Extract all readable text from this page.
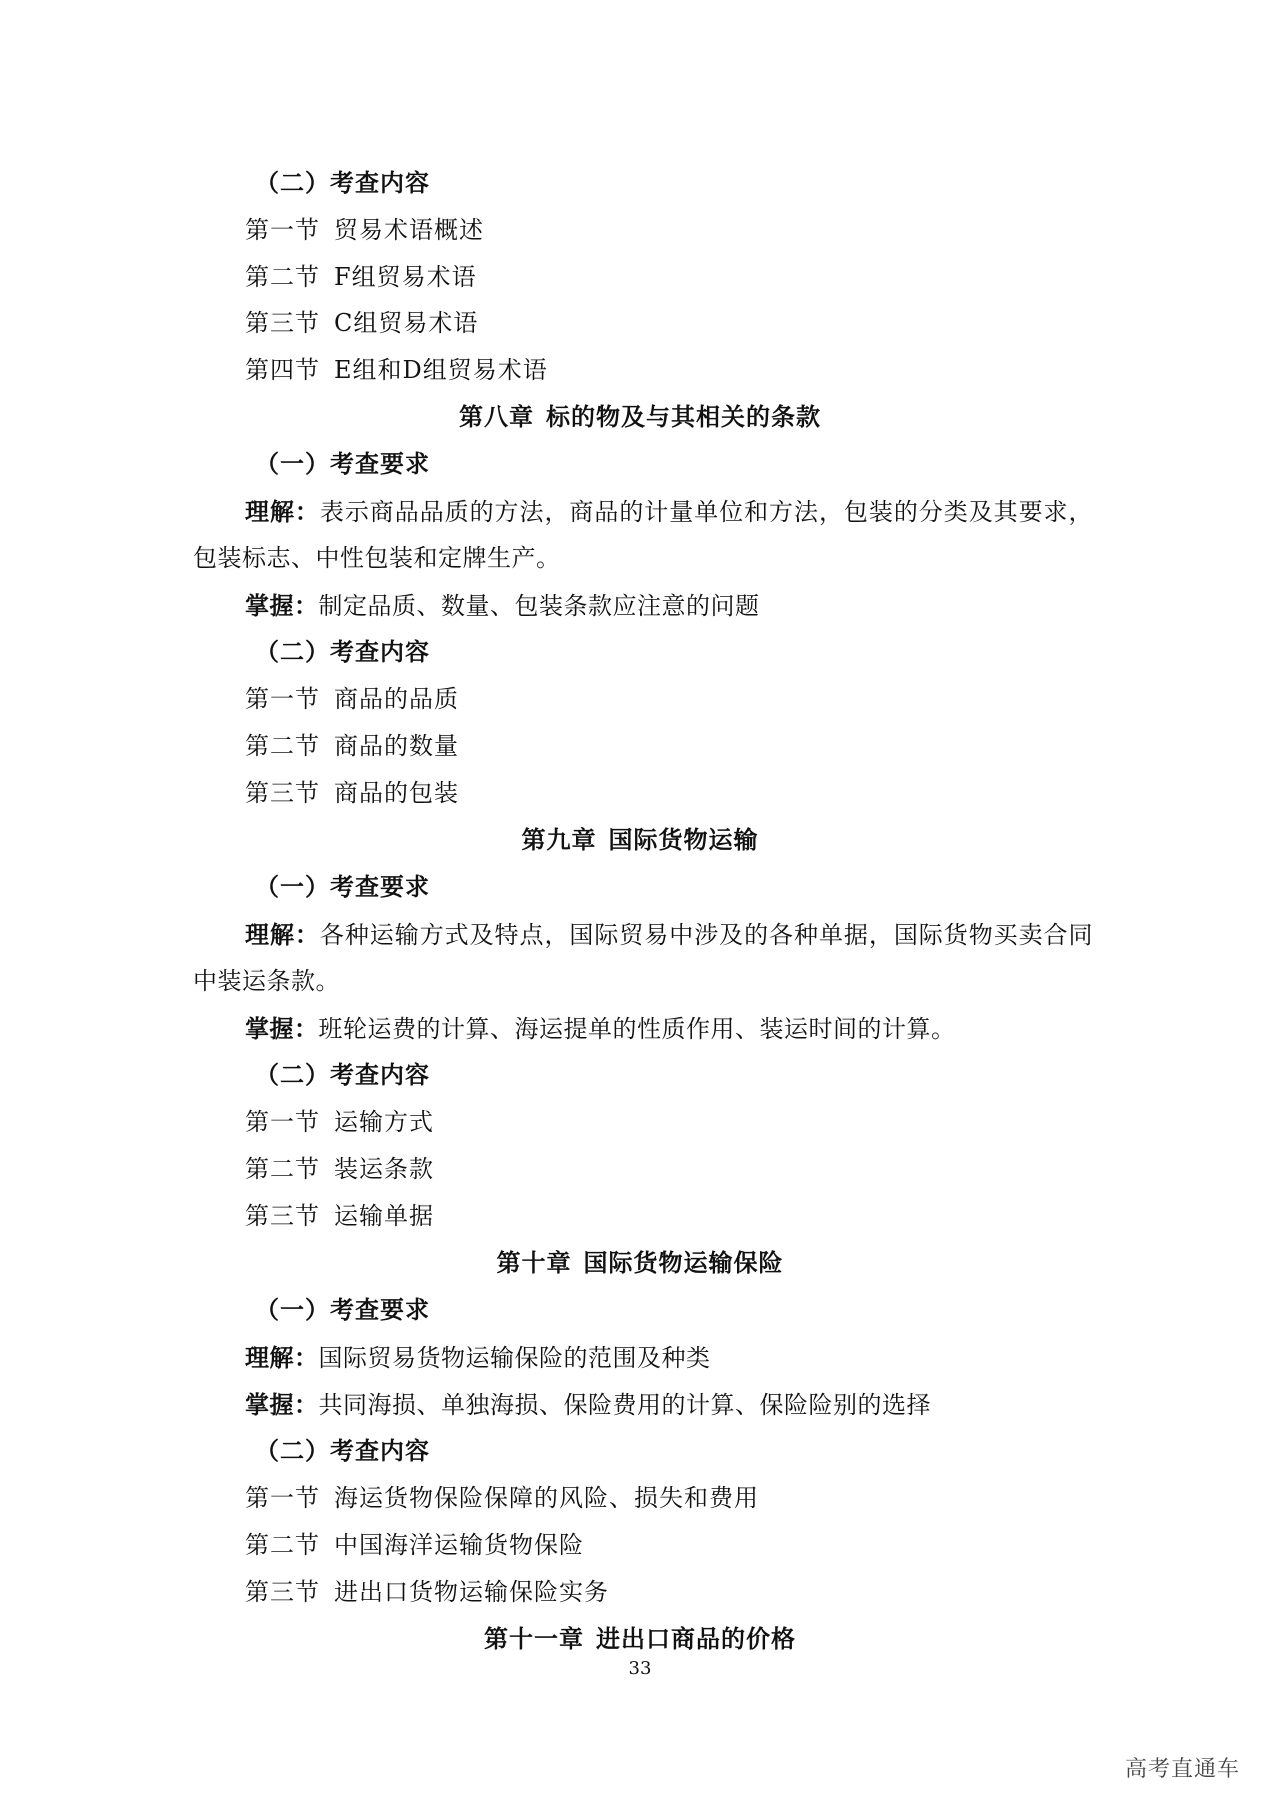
（二）考查内容
第一节 贸易术语概述
第二节 F组贸易术语
第三节 C组贸易术语
第四节 E组和D组贸易术语
第八章 标的物及与其相关的条款
（一）考查要求
理解：表示商品品质的方法，商品的计量单位和方法，包装的分类及其要求，包装标志、中性包装和定牌生产。
掌握：制定品质、数量、包装条款应注意的问题
（二）考查内容
第一节 商品的品质
第二节 商品的数量
第三节 商品的包装
第九章 国际货物运输
（一）考查要求
理解：各种运输方式及特点，国际贸易中涉及的各种单据，国际货物买卖合同中装运条款。
掌握：班轮运费的计算、海运提单的性质作用、装运时间的计算。
（二）考查内容
第一节 运输方式
第二节 装运条款
第三节 运输单据
第十章 国际货物运输保险
（一）考查要求
理解：国际贸易货物运输保险的范围及种类
掌握：共同海损、单独海损、保险费用的计算、保险险别的选择
（二）考查内容
第一节 海运货物保险保障的风险、损失和费用
第二节 中国海洋运输货物保险
第三节 进出口货物运输保险实务
第十一章 进出口商品的价格
33
高考直通车
